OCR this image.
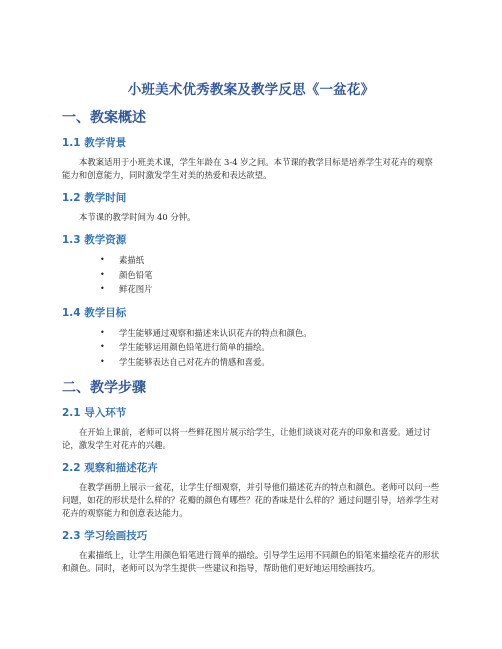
小班美术优秀教案及教学反思《一盆花》
一、教案概述
1.1 教学背景

本教案适用于小班美术课，学生年龄在 3-4 岁之间。本节课的教学目标是培养学生对花卉的观察能力和创意能力，同时激发学生对美的热爱和表达欲望。

1.2 教学时间

本节课的教学时间为 40 分钟。

1.3 教学资源
• 素描纸
• 颜色铅笔
• 鲜花图片
1.4 教学目标
• 学生能够通过观察和描述来认识花卉的特点和颜色。
• 学生能够运用颜色铅笔进行简单的描绘。
• 学生能够表达自己对花卉的情感和喜爱。
二、教学步骤
2.1 导入环节

在开始上课前，老师可以将一些鲜花图片展示给学生，让他们谈谈对花卉的印象和喜爱。通过讨论，激发学生对花卉的兴趣。

2.2 观察和描述花卉

在教学画册上展示一盆花，让学生仔细观察，并引导他们描述花卉的特点和颜色。老师可以问一些问题，如花的形状是什么样的？花瓣的颜色有哪些？花的香味是什么样的？通过问题引导，培养学生对花卉的观察能力和创意表达能力。

2.3 学习绘画技巧

在素描纸上，让学生用颜色铅笔进行简单的描绘。引导学生运用不同颜色的铅笔来描绘花卉的形状和颜色。同时，老师可以为学生提供一些建议和指导，帮助他们更好地运用绘画技巧。
